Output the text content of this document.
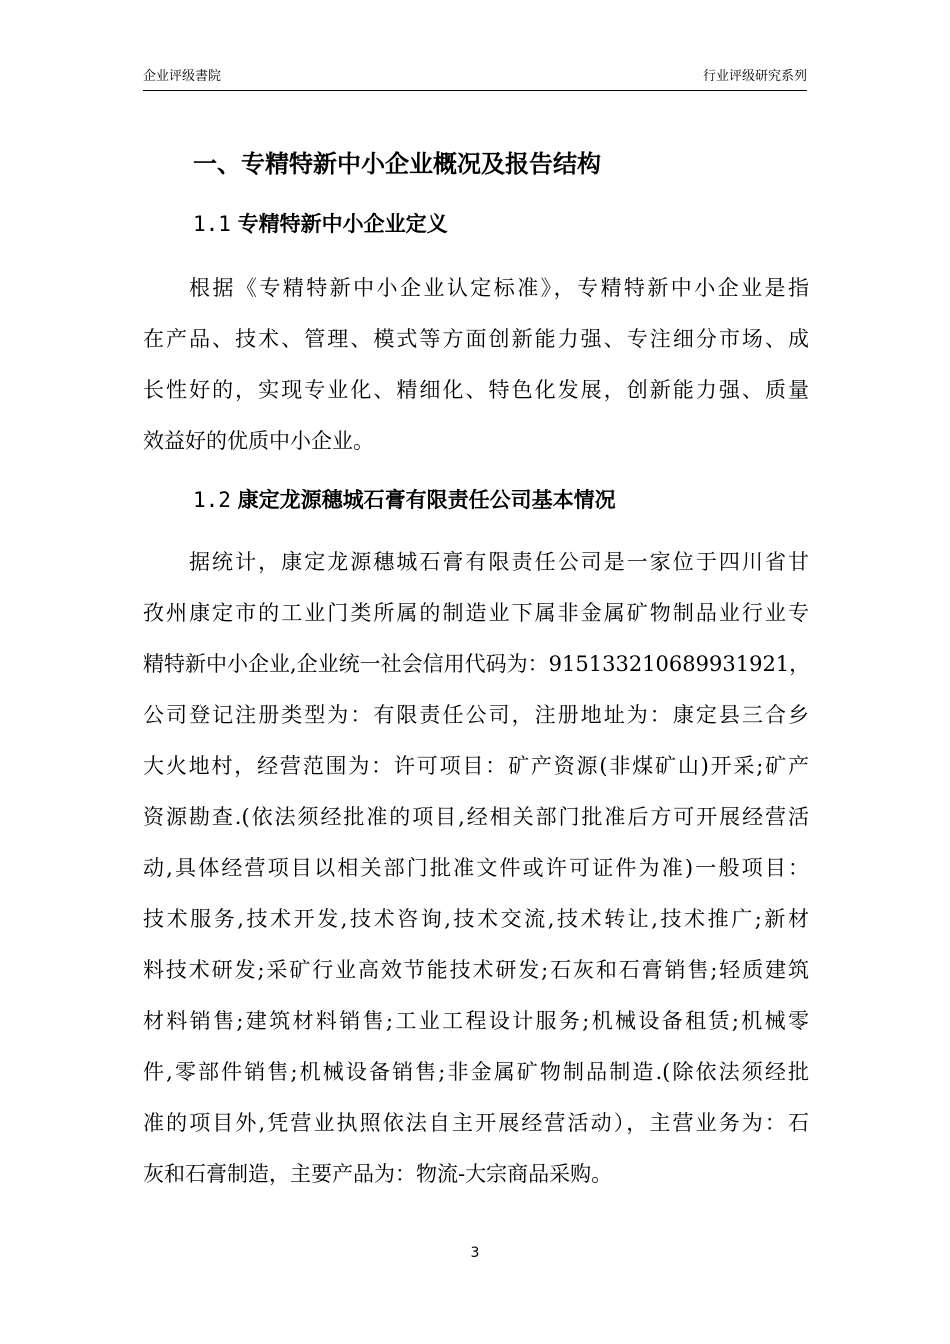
企业评级書院	行业评级研究系列
一、专精特新中小企业概况及报告结构
1.1 专精特新中小企业定义
根据《专精特新中小企业认定标准》，专精特新中小企业是指
在产品、技术、管理、模式等方面创新能力强、专注细分市场、成
长性好的，实现专业化、精细化、特色化发展，创新能力强、质量
效益好的优质中小企业。
1.2 康定龙源穗城石膏有限责任公司基本情况
据统计，康定龙源穗城石膏有限责任公司是一家位于四川省甘
孜州康定市的工业门类所属的制造业下属非金属矿物制品业行业专
精特新中小企业,企业统一社会信用代码为：915133210689931921，
公司登记注册类型为：有限责任公司，注册地址为：康定县三合乡
大火地村，经营范围为：许可项目：矿产资源(非煤矿山)开采;矿产
资源勘查.(依法须经批准的项目,经相关部门批准后方可开展经营活
动,具体经营项目以相关部门批准文件或许可证件为准)一般项目：
技术服务,技术开发,技术咨询,技术交流,技术转让,技术推广;新材
料技术研发;采矿行业高效节能技术研发;石灰和石膏销售;轻质建筑
材料销售;建筑材料销售;工业工程设计服务;机械设备租赁;机械零
件,零部件销售;机械设备销售;非金属矿物制品制造.(除依法须经批
准的项目外,凭营业执照依法自主开展经营活动），主营业务为：石
灰和石膏制造，主要产品为：物流-大宗商品采购。
3
